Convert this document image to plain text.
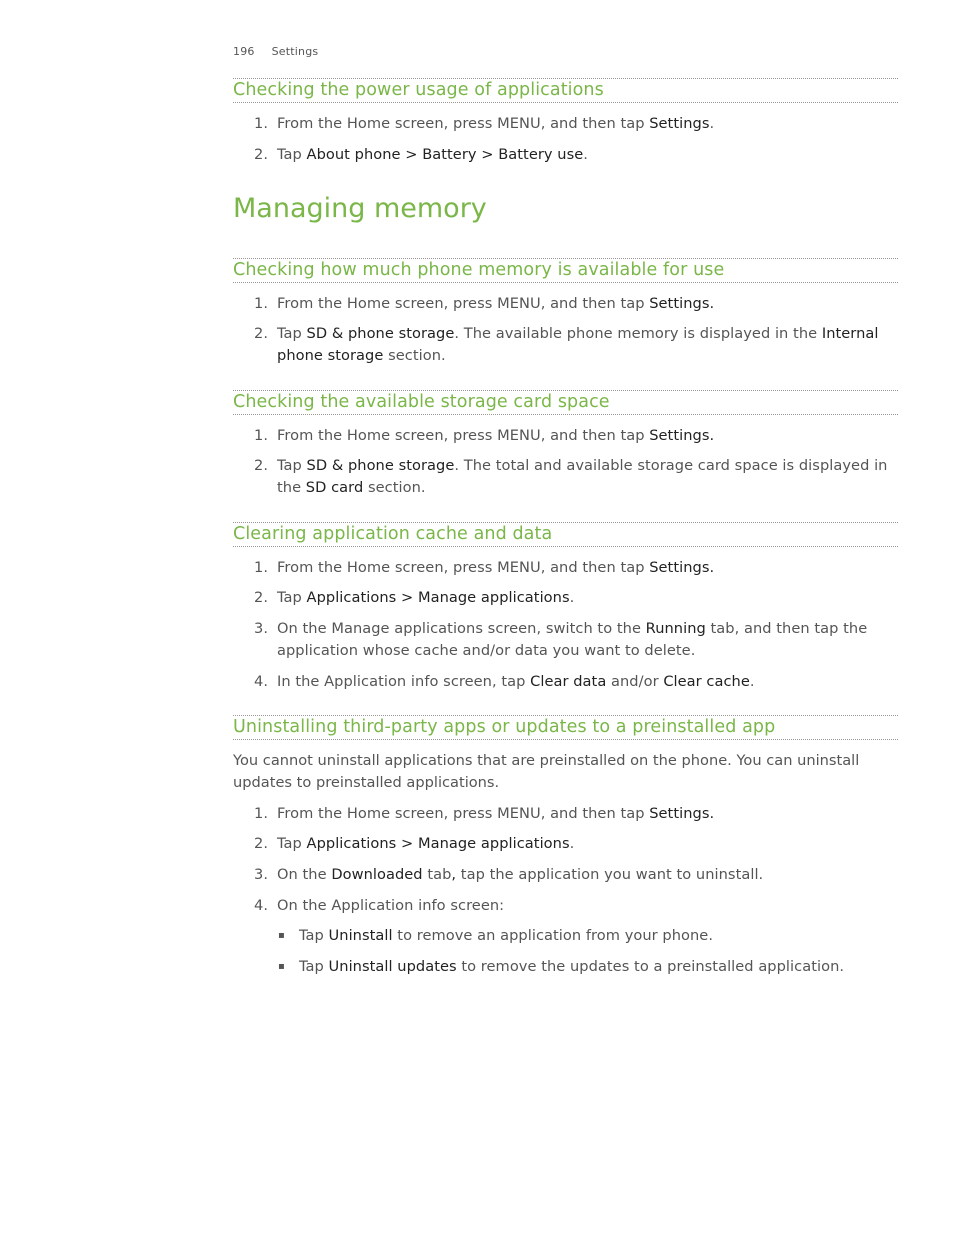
196 Settings
Checking the power usage of applications
1. From the Home screen, press MENU, and then tap Settings.
2. Tap About phone > Battery > Battery use.
Managing memory
Checking how much phone memory is available for use
1. From the Home screen, press MENU, and then tap Settings.
2. Tap SD & phone storage. The available phone memory is displayed in the Internal phone storage section.
Checking the available storage card space
1. From the Home screen, press MENU, and then tap Settings.
2. Tap SD & phone storage. The total and available storage card space is displayed in the SD card section.
Clearing application cache and data
1. From the Home screen, press MENU, and then tap Settings.
2. Tap Applications > Manage applications.
3. On the Manage applications screen, switch to the Running tab, and then tap the application whose cache and/or data you want to delete.
4. In the Application info screen, tap Clear data and/or Clear cache.
Uninstalling third-party apps or updates to a preinstalled app
You cannot uninstall applications that are preinstalled on the phone. You can uninstall updates to preinstalled applications.
1. From the Home screen, press MENU, and then tap Settings.
2. Tap Applications > Manage applications.
3. On the Downloaded tab, tap the application you want to uninstall.
4. On the Application info screen:
▪ Tap Uninstall to remove an application from your phone.
▪ Tap Uninstall updates to remove the updates to a preinstalled application.
